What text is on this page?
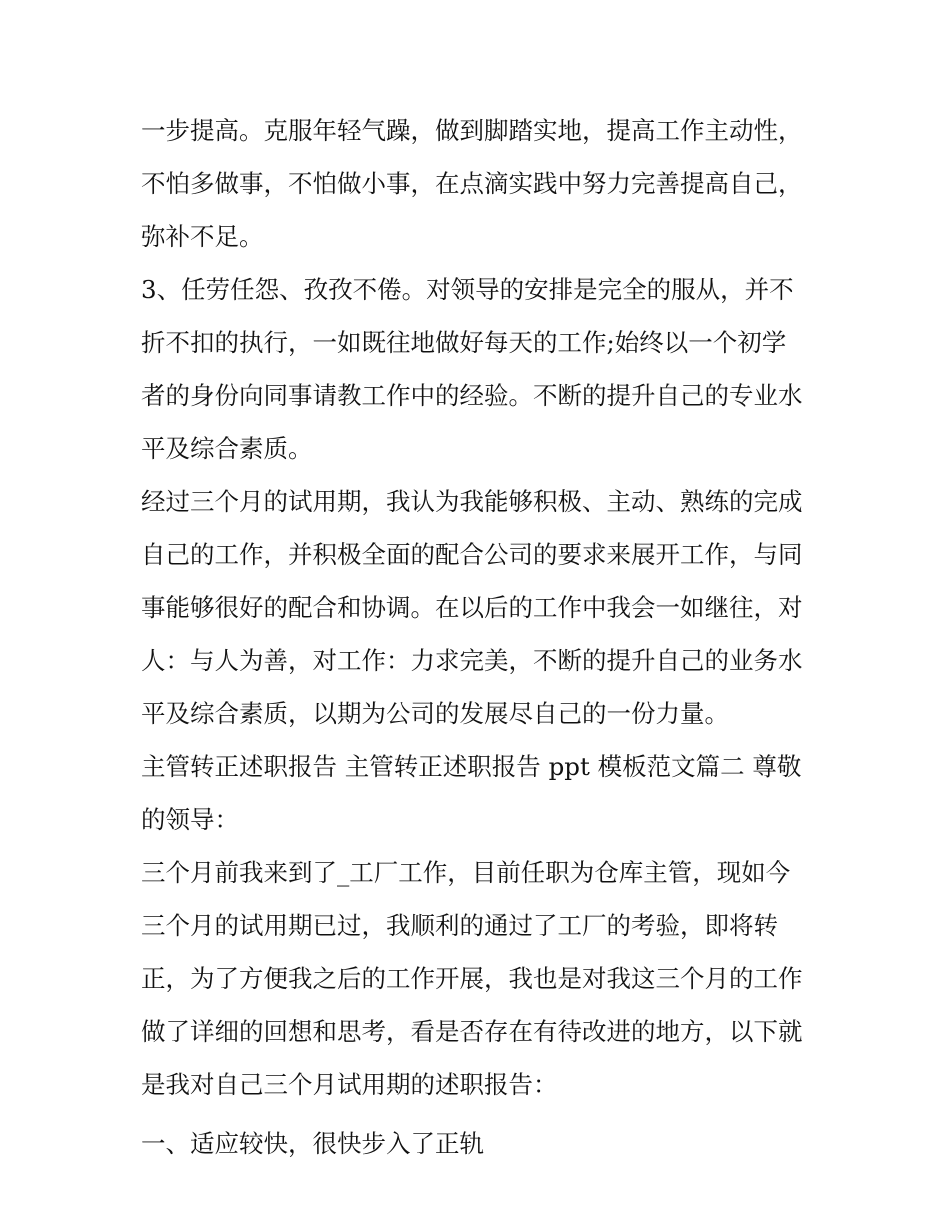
一步提高。克服年轻气躁，做到脚踏实地，提高工作主动性，
不怕多做事，不怕做小事，在点滴实践中努力完善提高自己，
弥补不足。
3、任劳任怨、孜孜不倦。对领导的安排是完全的服从，并不
折不扣的执行，一如既往地做好每天的工作;始终以一个初学
者的身份向同事请教工作中的经验。不断的提升自己的专业水
平及综合素质。
经过三个月的试用期，我认为我能够积极、主动、熟练的完成
自己的工作，并积极全面的配合公司的要求来展开工作，与同
事能够很好的配合和协调。在以后的工作中我会一如继往，对
人：与人为善，对工作：力求完美，不断的提升自己的业务水
平及综合素质，以期为公司的发展尽自己的一份力量。
主管转正述职报告 主管转正述职报告 ppt 模板范文篇二 尊敬
的领导：
三个月前我来到了_工厂工作，目前任职为仓库主管，现如今
三个月的试用期已过，我顺利的通过了工厂的考验，即将转
正，为了方便我之后的工作开展，我也是对我这三个月的工作
做了详细的回想和思考，看是否存在有待改进的地方，以下就
是我对自己三个月试用期的述职报告：
一、适应较快，很快步入了正轨
